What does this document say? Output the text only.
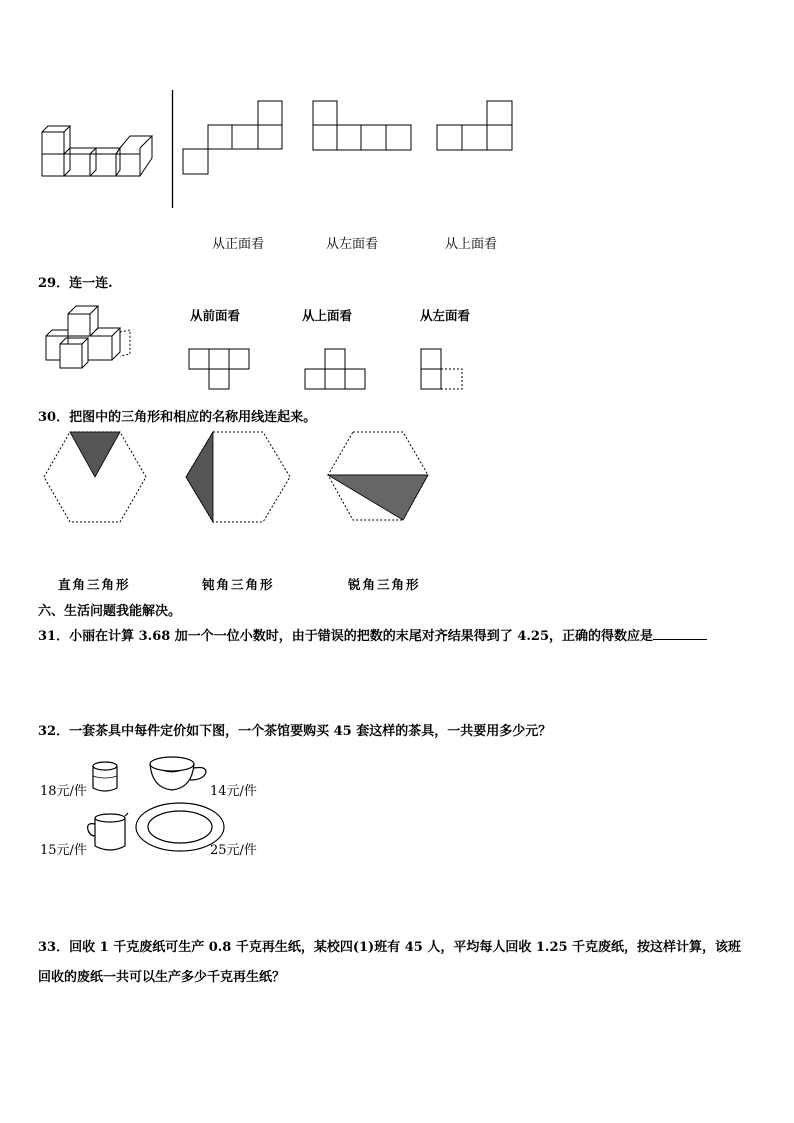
从正面看	从左面看	从上面看
29．连一连.
从前面看	从上面看	从左面看
30．把图中的三角形和相应的名称用线连起来。
直角三角形	钝角三角形	锐角三角形
六、生活问题我能解决。
31．小丽在计算 3.68 加一个一位小数时，由于错误的把数的末尾对齐结果得到了 4.25，正确的得数应是
32．一套茶具中每件定价如下图，一个茶馆要购买 45 套这样的茶具，一共要用多少元？
18元/件	14元/件
15元/件	25元/件
33．回收 1 千克废纸可生产 0.8 千克再生纸，某校四(1)班有 45 人，平均每人回收 1.25 千克废纸，按这样计算，该班
回收的废纸一共可以生产多少千克再生纸？
